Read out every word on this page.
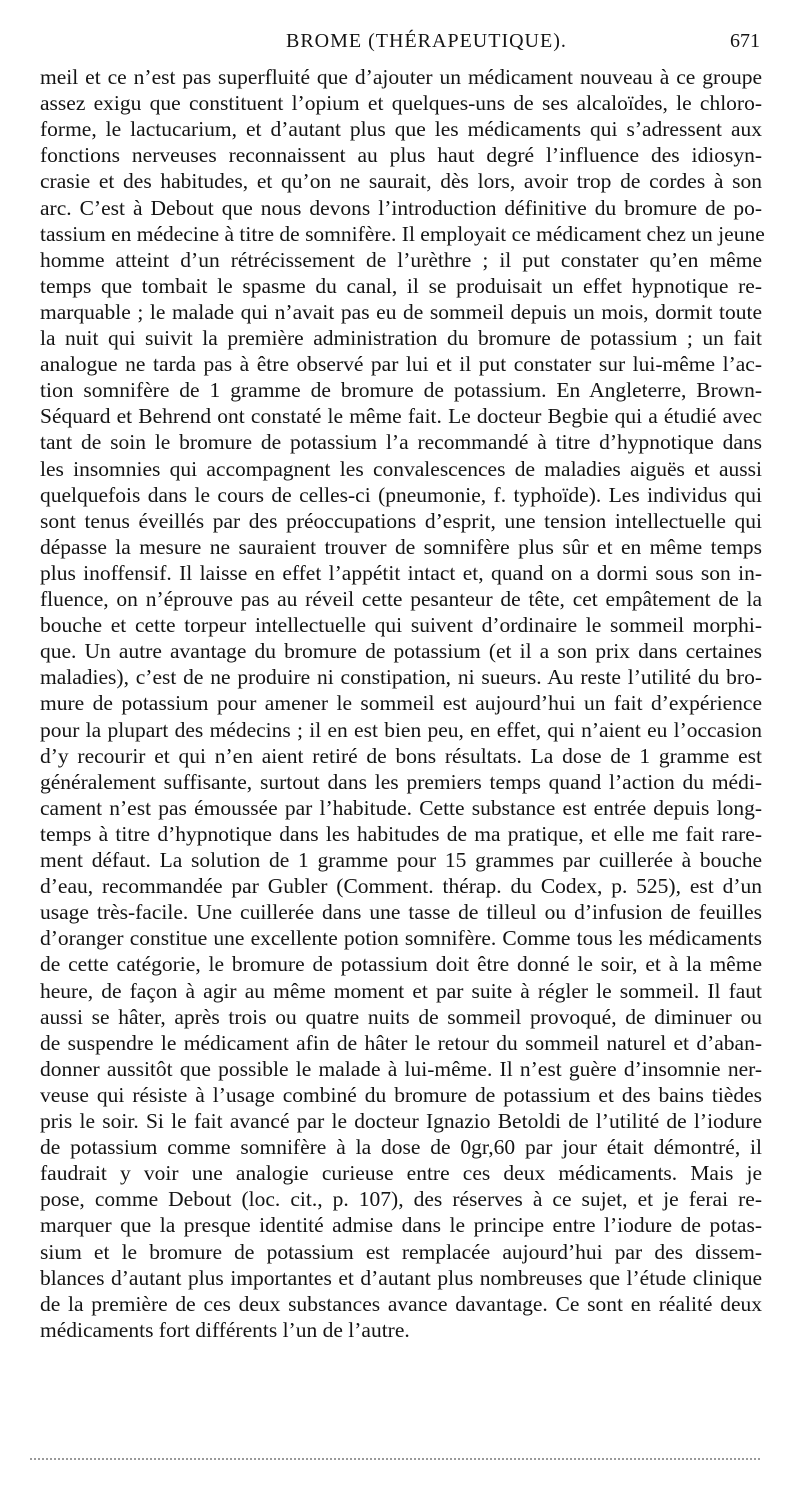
BROME (THÉRAPEUTIQUE).	671
meil et ce n’est pas superfluité que d’ajouter un médicament nouveau à ce groupe
assez exigu que constituent l’opium et quelques-uns de ses alcaloïdes, le chloro-
forme, le lactucarium, et d’autant plus que les médicaments qui s’adressent aux
fonctions nerveuses reconnaissent au plus haut degré l’influence des idiosyn-
crasie et des habitudes, et qu’on ne saurait, dès lors, avoir trop de cordes à son
arc. C’est à Debout que nous devons l’introduction définitive du bromure de po-
tassium en médecine à titre de somnifère. Il employait ce médicament chez un jeune
homme atteint d’un rétrécissement de l’urèthre ; il put constater qu’en même
temps que tombait le spasme du canal, il se produisait un effet hypnotique re-
marquable ; le malade qui n’avait pas eu de sommeil depuis un mois, dormit toute
la nuit qui suivit la première administration du bromure de potassium ; un fait
analogue ne tarda pas à être observé par lui et il put constater sur lui-même l’ac-
tion somnifère de 1 gramme de bromure de potassium. En Angleterre, Brown-
Séquard et Behrend ont constaté le même fait. Le docteur Begbie qui a étudié avec
tant de soin le bromure de potassium l’a recommandé à titre d’hypnotique dans
les insomnies qui accompagnent les convalescences de maladies aiguës et aussi
quelquefois dans le cours de celles-ci (pneumonie, f. typhoïde). Les individus qui
sont tenus éveillés par des préoccupations d’esprit, une tension intellectuelle qui
dépasse la mesure ne sauraient trouver de somnifère plus sûr et en même temps
plus inoffensif. Il laisse en effet l’appétit intact et, quand on a dormi sous son in-
fluence, on n’éprouve pas au réveil cette pesanteur de tête, cet empâtement de la
bouche et cette torpeur intellectuelle qui suivent d’ordinaire le sommeil morphi-
que. Un autre avantage du bromure de potassium (et il a son prix dans certaines
maladies), c’est de ne produire ni constipation, ni sueurs. Au reste l’utilité du bro-
mure de potassium pour amener le sommeil est aujourd’hui un fait d’expérience
pour la plupart des médecins ; il en est bien peu, en effet, qui n’aient eu l’occasion
d’y recourir et qui n’en aient retiré de bons résultats. La dose de 1 gramme est
généralement suffisante, surtout dans les premiers temps quand l’action du médi-
cament n’est pas émoussée par l’habitude. Cette substance est entrée depuis long-
temps à titre d’hypnotique dans les habitudes de ma pratique, et elle me fait rare-
ment défaut. La solution de 1 gramme pour 15 grammes par cuillerée à bouche
d’eau, recommandée par Gubler (Comment. thérap. du Codex, p. 525), est d’un
usage très-facile. Une cuillerée dans une tasse de tilleul ou d’infusion de feuilles
d’oranger constitue une excellente potion somnifère. Comme tous les médicaments
de cette catégorie, le bromure de potassium doit être donné le soir, et à la même
heure, de façon à agir au même moment et par suite à régler le sommeil. Il faut
aussi se hâter, après trois ou quatre nuits de sommeil provoqué, de diminuer ou
de suspendre le médicament afin de hâter le retour du sommeil naturel et d’aban-
donner aussitôt que possible le malade à lui-même. Il n’est guère d’insomnie ner-
veuse qui résiste à l’usage combiné du bromure de potassium et des bains tièdes
pris le soir. Si le fait avancé par le docteur Ignazio Betoldi de l’utilité de l’iodure
de potassium comme somnifère à la dose de 0gr,60 par jour était démontré, il
faudrait y voir une analogie curieuse entre ces deux médicaments. Mais je
pose, comme Debout (loc. cit., p. 107), des réserves à ce sujet, et je ferai re-
marquer que la presque identité admise dans le principe entre l’iodure de potas-
sium et le bromure de potassium est remplacée aujourd’hui par des dissem-
blances d’autant plus importantes et d’autant plus nombreuses que l’étude clinique
de la première de ces deux substances avance davantage. Ce sont en réalité deux
médicaments fort différents l’un de l’autre.
